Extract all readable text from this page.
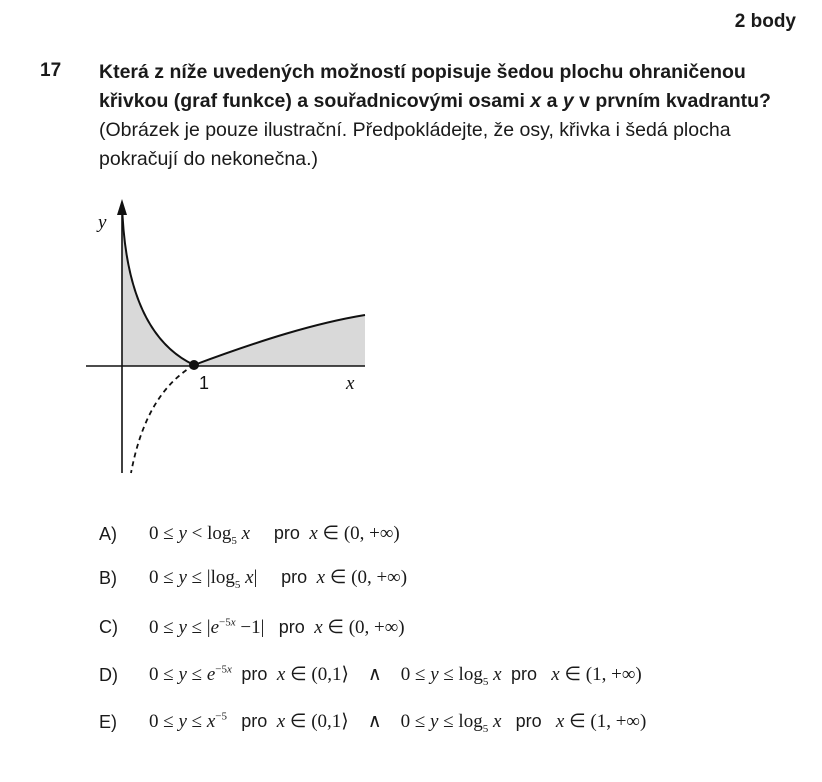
2 body
17 Která z níže uvedených možností popisuje šedou plochu ohraničenou křivkou (graf funkce) a souřadnicovými osami x a y v prvním kvadrantu?
(Obrázek je pouze ilustrační. Předpokládejte, že osy, křivka i šedá plocha pokračují do nekonečna.)
y
x
1
A)	$0 \le y < \log_5 x$ pro x ∈ (0, +∞)
B)	$0 \le y \le |\log_5$ x|     pro x ∈ (0, +∞)
C)	$0 \le y \le |e^{-5x} -1|$   pro x ∈ (0, +∞)
D)	$0 \le y \le e^{-5x}$ pro x ∈ (0,1⟩    ∧    $0 \le y \le \log_5 x$ pro x ∈ (1, +∞)
E)	$0 \le y \le x^{-5}$ pro x ∈ (0,1⟩    ∧    $0 \le y \le \log_5 x$ pro x ∈ (1, +∞)
